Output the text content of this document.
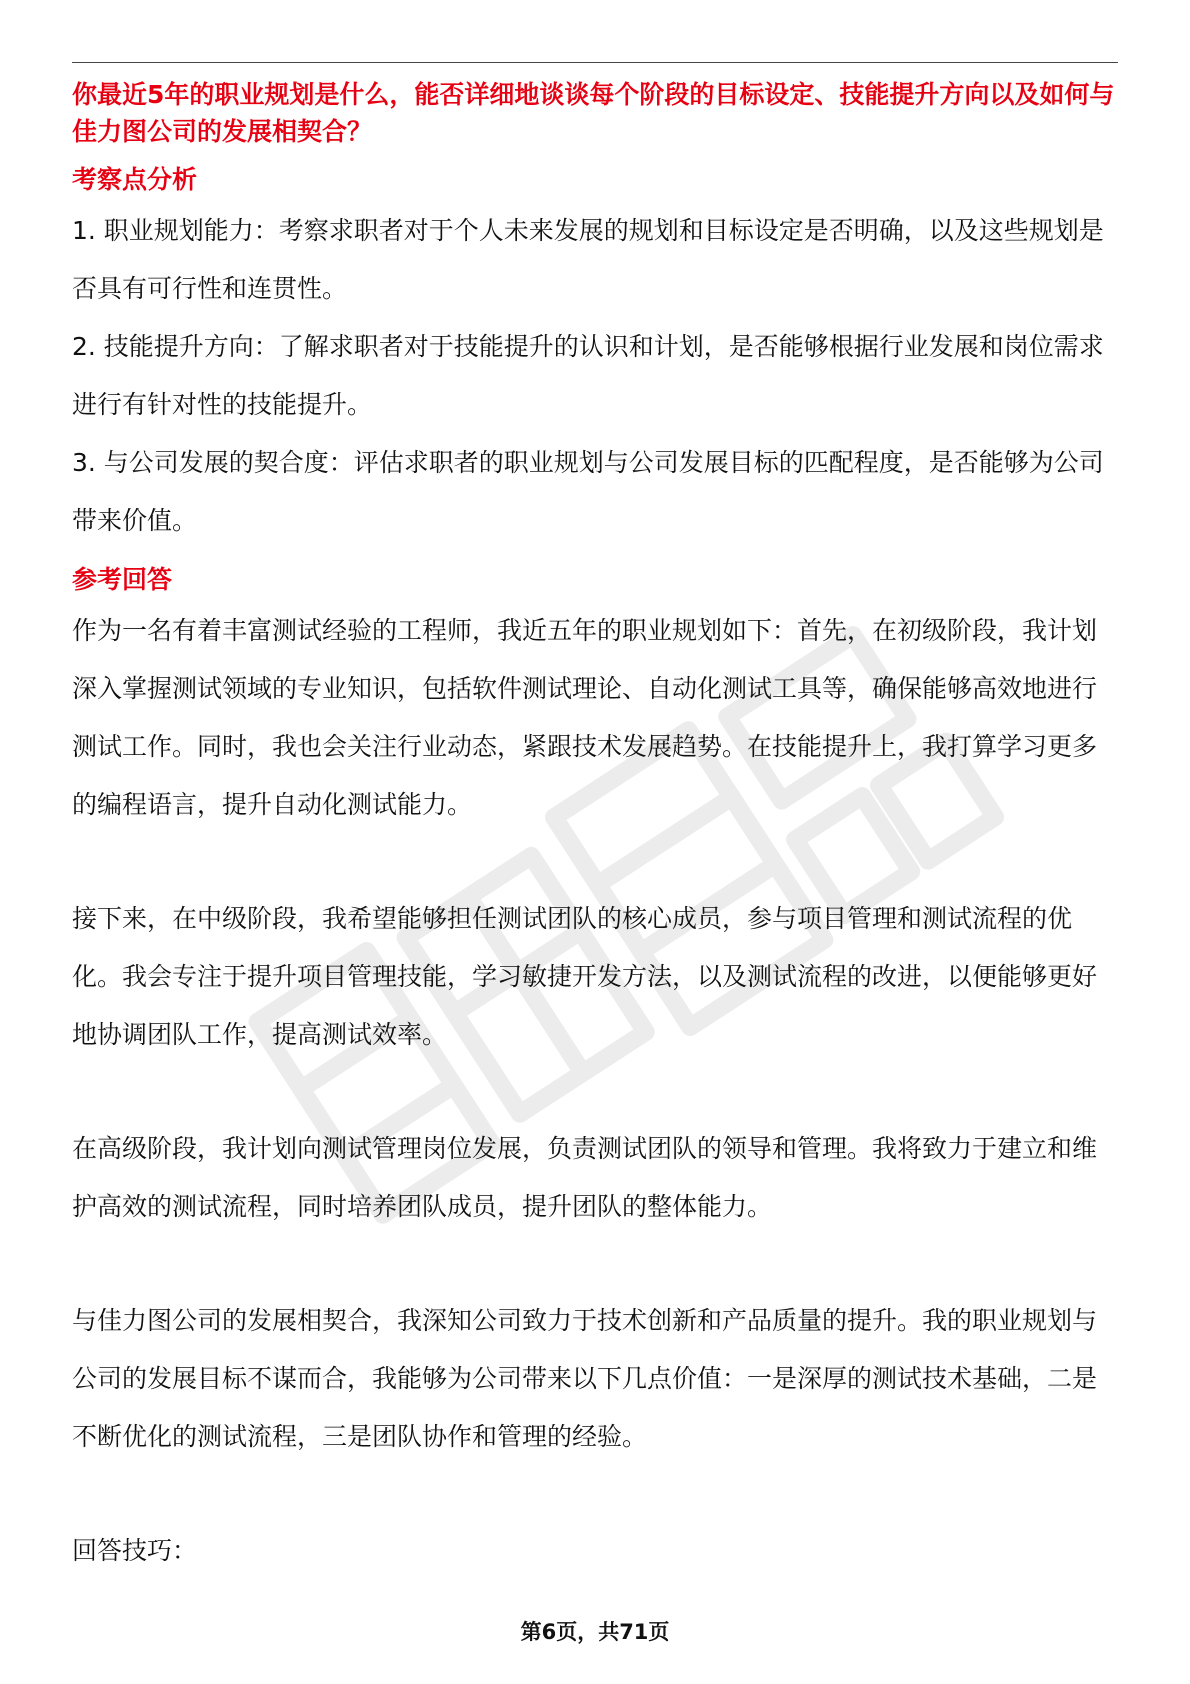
你最近5年的职业规划是什么，能否详细地谈谈每个阶段的目标设定、技能提升方向以及如何与佳力图公司的发展相契合？

考察点分析

1. 职业规划能力：考察求职者对于个人未来发展的规划和目标设定是否明确，以及这些规划是否具有可行性和连贯性。

2. 技能提升方向：了解求职者对于技能提升的认识和计划，是否能够根据行业发展和岗位需求进行有针对性的技能提升。

3. 与公司发展的契合度：评估求职者的职业规划与公司发展目标的匹配程度，是否能够为公司带来价值。

参考回答

作为一名有着丰富测试经验的工程师，我近五年的职业规划如下：首先，在初级阶段，我计划深入掌握测试领域的专业知识，包括软件测试理论、自动化测试工具等，确保能够高效地进行测试工作。同时，我也会关注行业动态，紧跟技术发展趋势。在技能提升上，我打算学习更多的编程语言，提升自动化测试能力。

接下来，在中级阶段，我希望能够担任测试团队的核心成员，参与项目管理和测试流程的优化。我会专注于提升项目管理技能，学习敏捷开发方法，以及测试流程的改进，以便能够更好地协调团队工作，提高测试效率。

在高级阶段，我计划向测试管理岗位发展，负责测试团队的领导和管理。我将致力于建立和维护高效的测试流程，同时培养团队成员，提升团队的整体能力。

与佳力图公司的发展相契合，我深知公司致力于技术创新和产品质量的提升。我的职业规划与公司的发展目标不谋而合，我能够为公司带来以下几点价值：一是深厚的测试技术基础，二是不断优化的测试流程，三是团队协作和管理的经验。

回答技巧：

第6页，共71页
